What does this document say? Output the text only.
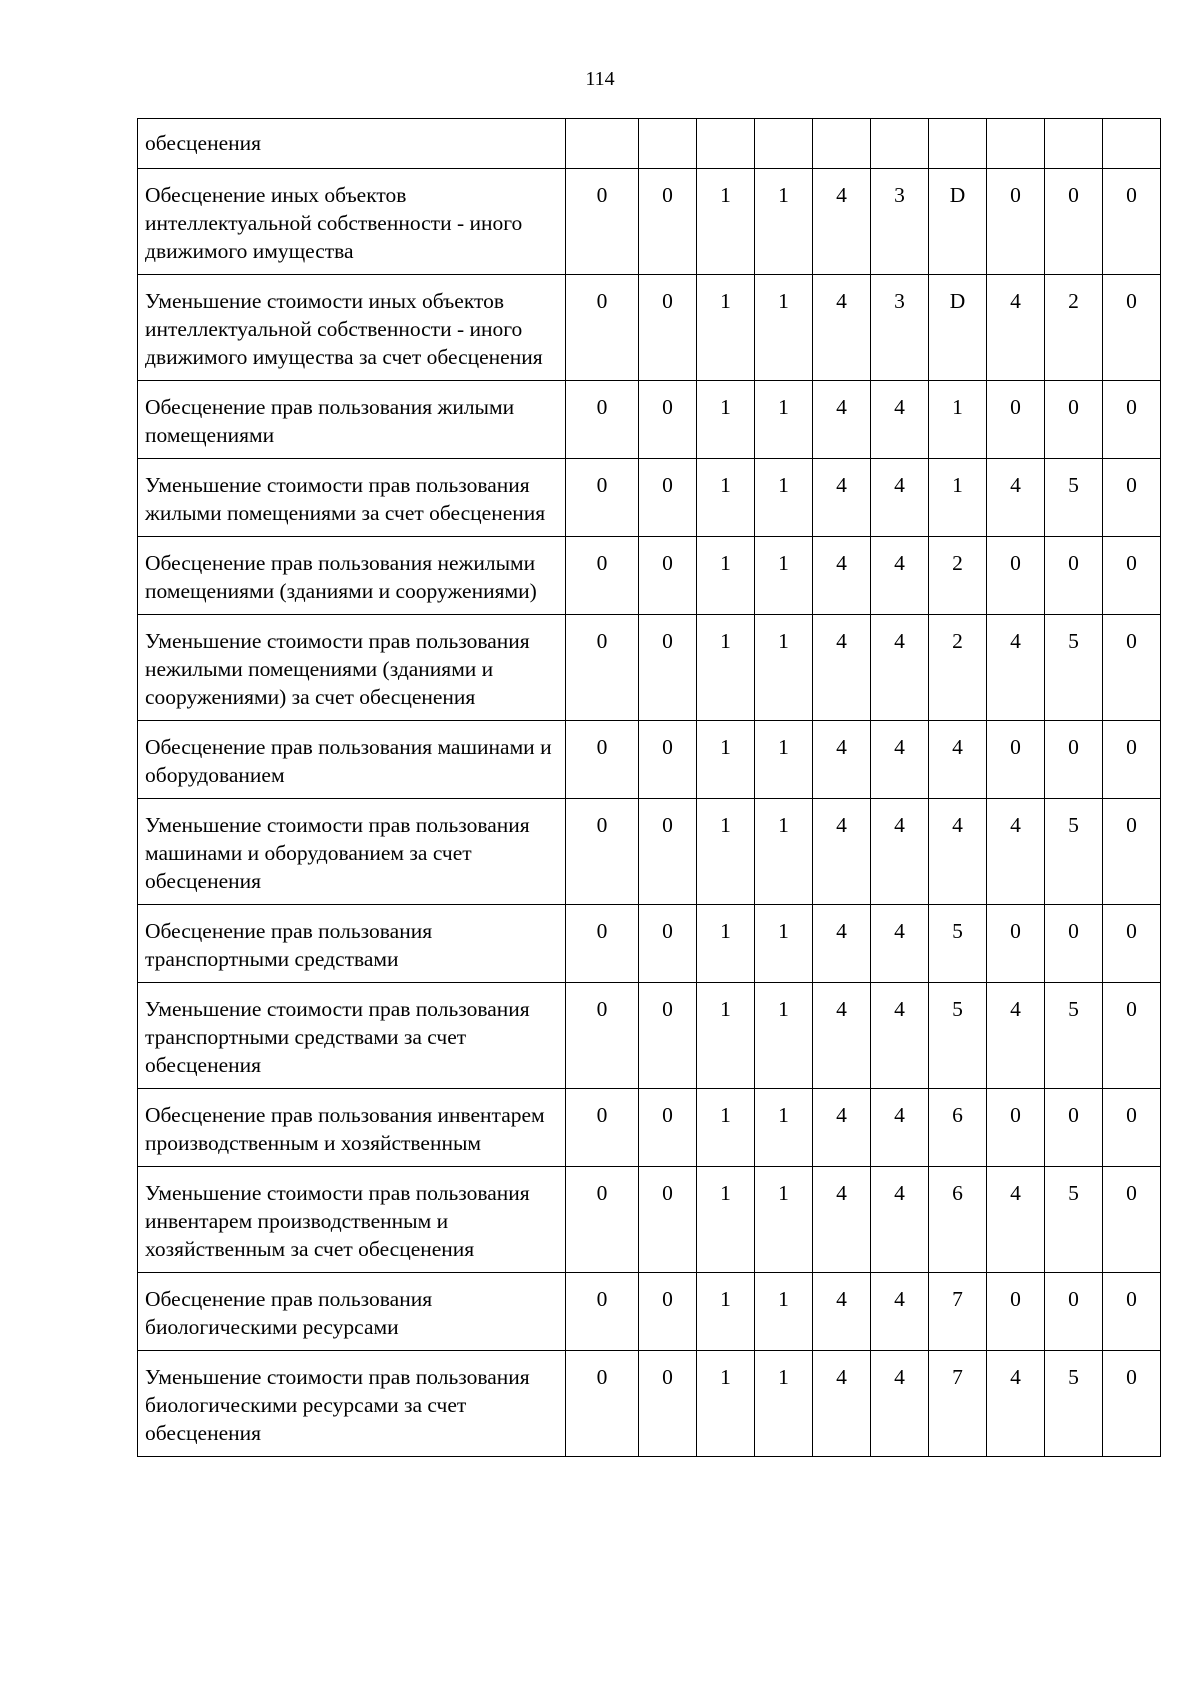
114
обесценения										
Обесценение иных объектов интеллектуальной собственности - иного движимого имущества	0	0	1	1	4	3	D	0	0	0
Уменьшение стоимости иных объектов интеллектуальной собственности - иного движимого имущества за счет обесценения	0	0	1	1	4	3	D	4	2	0
Обесценение прав пользования жилыми помещениями	0	0	1	1	4	4	1	0	0	0
Уменьшение стоимости прав пользования жилыми помещениями за счет обесценения	0	0	1	1	4	4	1	4	5	0
Обесценение прав пользования нежилыми помещениями (зданиями и сооружениями)	0	0	1	1	4	4	2	0	0	0
Уменьшение стоимости прав пользования нежилыми помещениями (зданиями и сооружениями) за счет обесценения	0	0	1	1	4	4	2	4	5	0
Обесценение прав пользования машинами и оборудованием	0	0	1	1	4	4	4	0	0	0
Уменьшение стоимости прав пользования машинами и оборудованием за счет обесценения	0	0	1	1	4	4	4	4	5	0
Обесценение прав пользования транспортными средствами	0	0	1	1	4	4	5	0	0	0
Уменьшение стоимости прав пользования транспортными средствами за счет обесценения	0	0	1	1	4	4	5	4	5	0
Обесценение прав пользования инвентарем производственным и хозяйственным	0	0	1	1	4	4	6	0	0	0
Уменьшение стоимости прав пользования инвентарем производственным и хозяйственным за счет обесценения	0	0	1	1	4	4	6	4	5	0
Обесценение прав пользования биологическими ресурсами	0	0	1	1	4	4	7	0	0	0
Уменьшение стоимости прав пользования биологическими ресурсами за счет обесценения	0	0	1	1	4	4	7	4	5	0
